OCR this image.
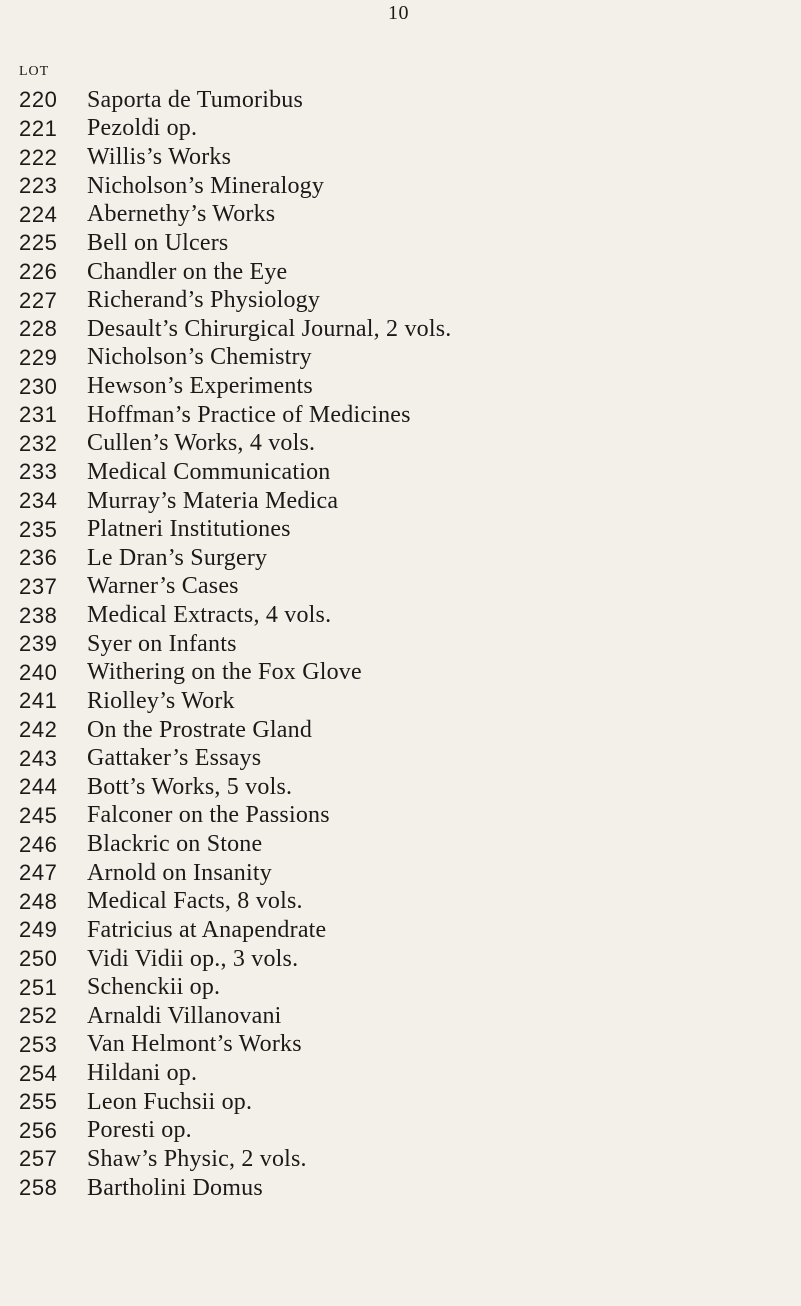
10
LOT
220	Saporta de Tumoribus
221	Pezoldi op.
222	Willis’s Works
223	Nicholson’s Mineralogy
224	Abernethy’s Works
225	Bell on Ulcers
226	Chandler on the Eye
227	Richerand’s Physiology
228	Desault’s Chirurgical Journal, 2 vols.
229	Nicholson’s Chemistry
230	Hewson’s Experiments
231	Hoffman’s Practice of Medicines
232	Cullen’s Works, 4 vols.
233	Medical Communication
234	Murray’s Materia Medica
235	Platneri Institutiones
236	Le Dran’s Surgery
237	Warner’s Cases
238	Medical Extracts, 4 vols.
239	Syer on Infants
240	Withering on the Fox Glove
241	Riolley’s Work
242	On the Prostrate Gland
243	Gattaker’s Essays
244	Bott’s Works, 5 vols.
245	Falconer on the Passions
246	Blackric on Stone
247	Arnold on Insanity
248	Medical Facts, 8 vols.
249	Fatricius at Anapendrate
250	Vidi Vidii op., 3 vols.
251	Schenckii op.
252	Arnaldi Villanovani
253	Van Helmont’s Works
254	Hildani op.
255	Leon Fuchsii op.
256	Poresti op.
257	Shaw’s Physic, 2 vols.
258	Bartholini Domus
